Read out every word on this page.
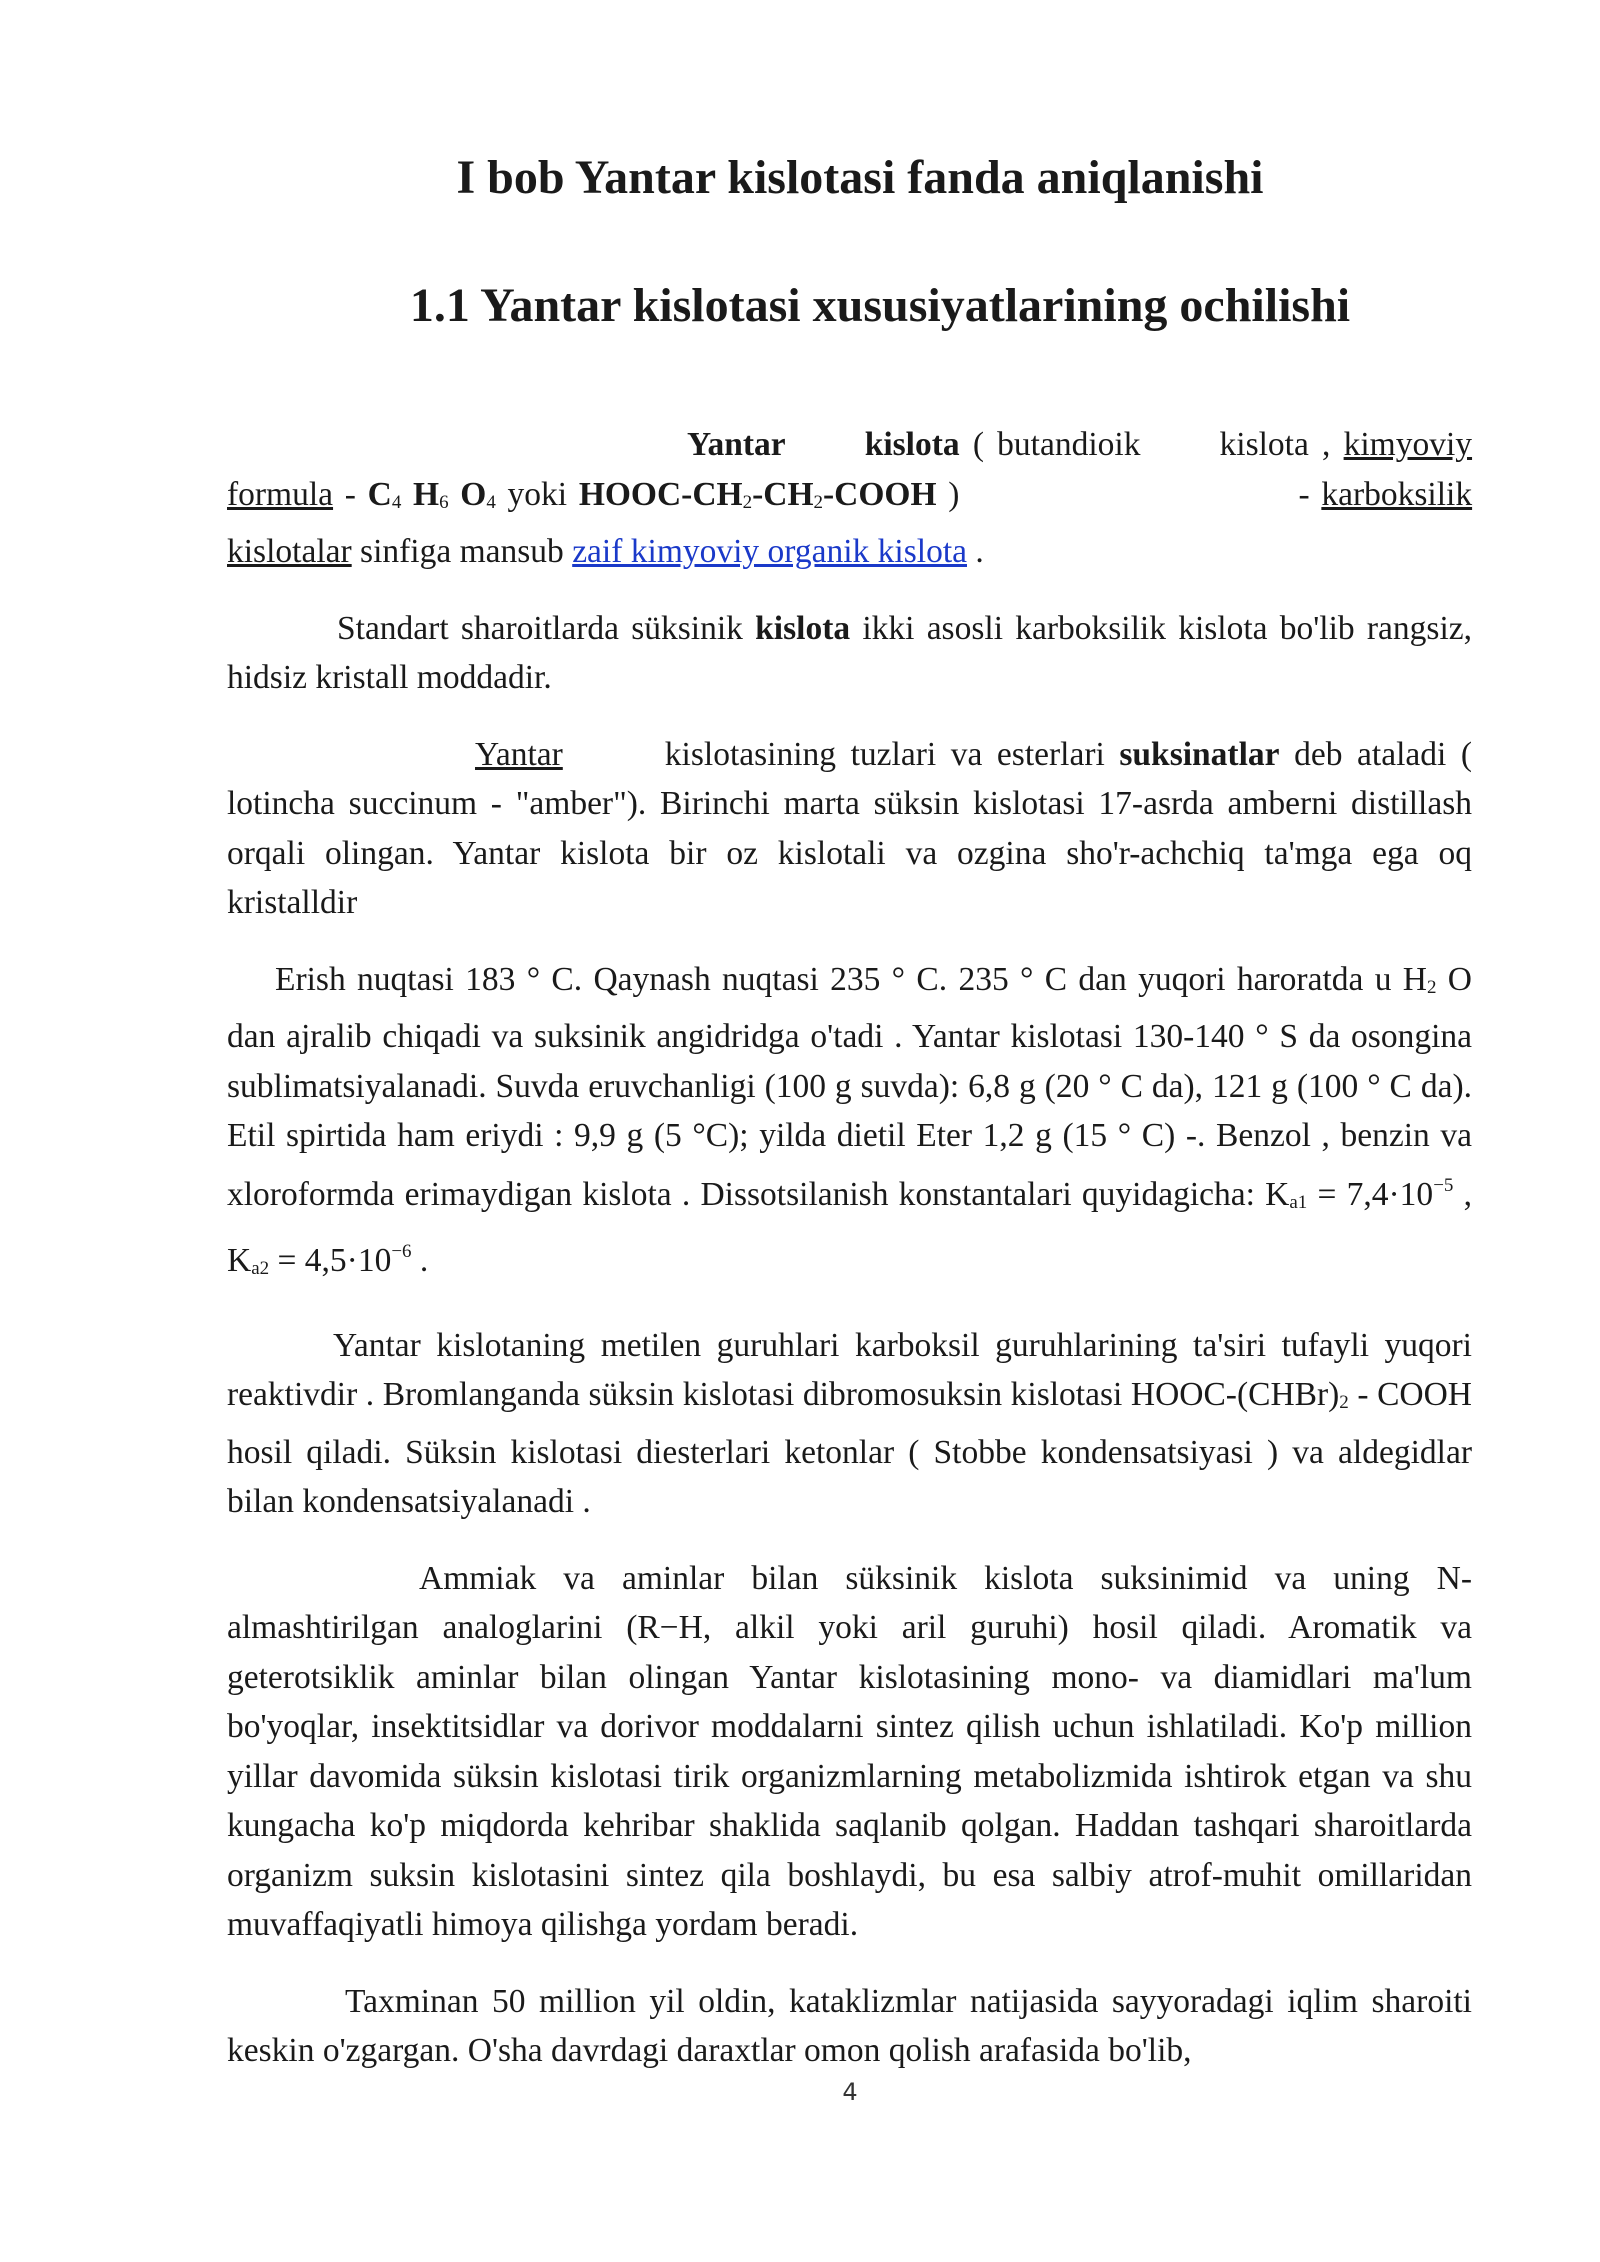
I bob Yantar kislotasi fanda aniqlanishi
1.1 Yantar kislotasi xususiyatlarining ochilishi

Yantar kislota ( butandioik kislota , kimyoviy formula - C4 H6 O4 yoki HOOC-CH2-CH2-COOH )	- karboksilik kislotalar sinfiga mansub zaif kimyoviy organik kislota .

Standart sharoitlarda süksinik kislota ikki asosli karboksilik kislota bo'lib rangsiz, hidsiz kristall moddadir.

Yantar	kislotasining tuzlari va esterlari suksinatlar deb ataladi ( lotincha succinum - "amber"). Birinchi marta süksin kislotasi 17-asrda amberni distillash orqali olingan. Yantar kislota bir oz kislotali va ozgina sho'r-achchiq ta'mga ega oq kristalldir

Erish nuqtasi 183 ° C. Qaynash nuqtasi 235 ° C. 235 ° C dan yuqori haroratda u H2 O dan ajralib chiqadi va suksinik angidridga o'tadi . Yantar kislotasi 130-140 ° S da osongina sublimatsiyalanadi. Suvda eruvchanligi (100 g suvda): 6,8 g (20 ° C da), 121 g (100 ° C da). Etil spirtida ham eriydi : 9,9 g (5 °C); yilda dietil Eter 1,2 g (15 ° C) -. Benzol , benzin va xloroformda erimaydigan kislota . Dissotsilanish konstantalari quyidagicha: $Ka1 = 7,4\cdot 10^{-5}$ , $Ka2 = 4,5\cdot 10^{-6}$ .

Yantar kislotaning metilen guruhlari karboksil guruhlarining ta'siri tufayli yuqori reaktivdir . Bromlanganda süksin kislotasi dibromosuksin kislotasi HOOC-(CHBr)2 - COOH hosil qiladi. Süksin kislotasi diesterlari ketonlar ( Stobbe kondensatsiyasi ) va aldegidlar bilan kondensatsiyalanadi .

Ammiak va aminlar bilan süksinik kislota suksinimid va uning N-almashtirilgan analoglarini (R−H, alkil yoki aril guruhi) hosil qiladi. Aromatik va geterotsiklik aminlar bilan olingan Yantar kislotasining mono- va diamidlari ma'lum bo'yoqlar, insektitsidlar va dorivor moddalarni sintez qilish uchun ishlatiladi. Ko'p million yillar davomida süksin kislotasi tirik organizmlarning metabolizmida ishtirok etgan va shu kungacha ko'p miqdorda kehribar shaklida saqlanib qolgan. Haddan tashqari sharoitlarda organizm suksin kislotasini sintez qila boshlaydi, bu esa salbiy atrof-muhit omillaridan muvaffaqiyatli himoya qilishga yordam beradi.

Taxminan 50 million yil oldin, kataklizmlar natijasida sayyoradagi iqlim sharoiti keskin o'zgargan. O'sha davrdagi daraxtlar omon qolish arafasida bo'lib,

4
